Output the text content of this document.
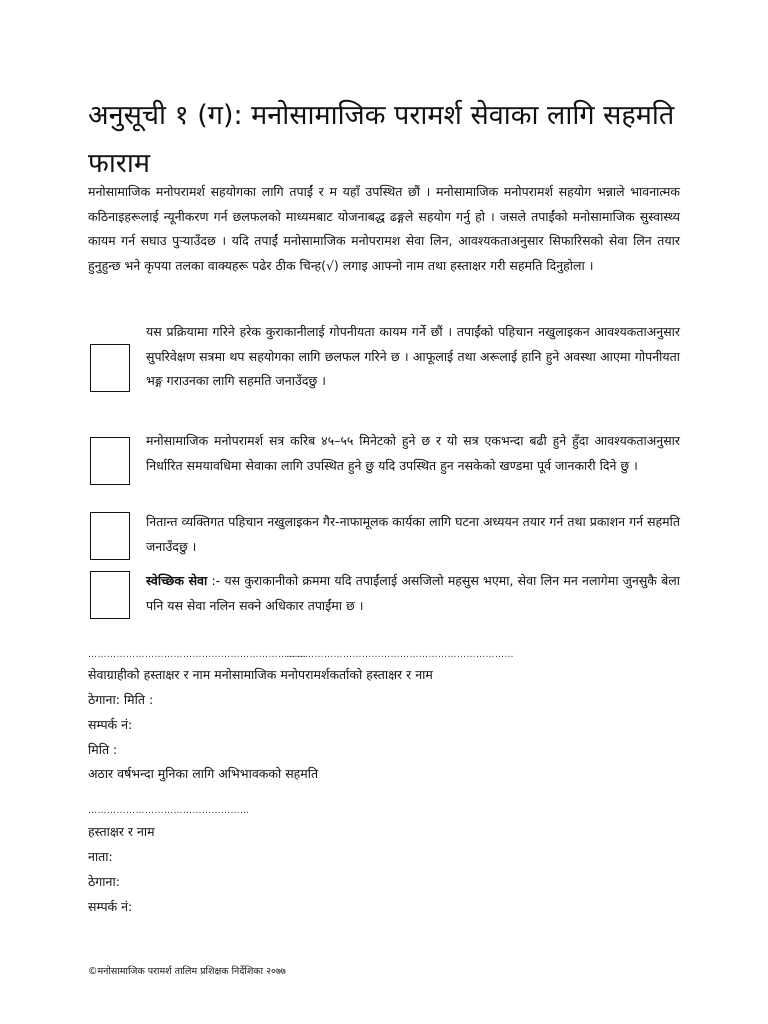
अनुसूची १ (ग): मनोसामाजिक परामर्श सेवाका लागि सहमति फाराम

मनोसामाजिक मनोपरामर्श सहयोगका लागि तपाईं र म यहाँ उपस्थित छौं । मनोसामाजिक मनोपरामर्श सहयोग भन्नाले भावनात्मक कठिनाइहरूलाई न्यूनीकरण गर्न छलफलको माध्यमबाट योजनाबद्ध ढङ्गले सहयोग गर्नु हो । जसले तपाईंको मनोसामाजिक सुस्वास्थ्य कायम गर्न सघाउ पुऱ्याउँदछ । यदि तपाईं मनोसामाजिक मनोपरामश सेवा लिन, आवश्यकताअनुसार सिफारिसको सेवा लिन तयार हुनुहुन्छ भने कृपया तलका वाक्यहरू पढेर ठीक चिन्ह(√) लगाइ आफ्नो नाम तथा हस्ताक्षर गरी सहमति दिनुहोला ।

यस प्रक्रियामा गरिने हरेक कुराकानीलाई गोपनीयता कायम गर्ने छौं । तपाईंको पहिचान नखुलाइकन आवश्यकताअनुसार सुपरिवेक्षण सत्रमा थप सहयोगका लागि छलफल गरिने छ । आफूलाई तथा अरूलाई हानि हुने अवस्था आएमा गोपनीयता भङ्ग गराउनका लागि सहमति जनाउँदछु ।

मनोसामाजिक मनोपरामर्श सत्र करिब ४५–५५ मिनेटको हुने छ र यो सत्र एकभन्दा बढी हुने हुँदा आवश्यकताअनुसार निर्धारित समयावधिमा सेवाका लागि उपस्थित हुने छु यदि उपस्थित हुन नसकेको खण्डमा पूर्व जानकारी दिने छु ।

नितान्त व्यक्तिगत पहिचान नखुलाइकन गैर-नाफामूलक कार्यका लागि घटना अध्ययन तयार गर्न तथा प्रकाशन गर्न सहमति जनाउँदछु ।

स्वेच्छिक सेवा :- यस कुराकानीको क्रममा यदि तपाईंलाई असजिलो महसुस भएमा, सेवा लिन मन नलागेमा जुनसुकै बेला पनि यस सेवा नलिन सक्ने अधिकार तपाईंमा छ ।

……………………………………………………………
………………………………………………………………

सेवाग्राहीको हस्ताक्षर र नाम मनोसामाजिक मनोपरामर्शकर्ताको हस्ताक्षर र नाम

ठेगाना: मिति :

सम्पर्क नं:

मिति :

अठार वर्षभन्दा मुनिका लागि अभिभावकको सहमति

……………………………………………

हस्ताक्षर र नाम

नाता:

ठेगाना:

सम्पर्क नं:

©मनोसामाजिक परामर्श तालिम प्रशिक्षक निर्देशिका २०७७
